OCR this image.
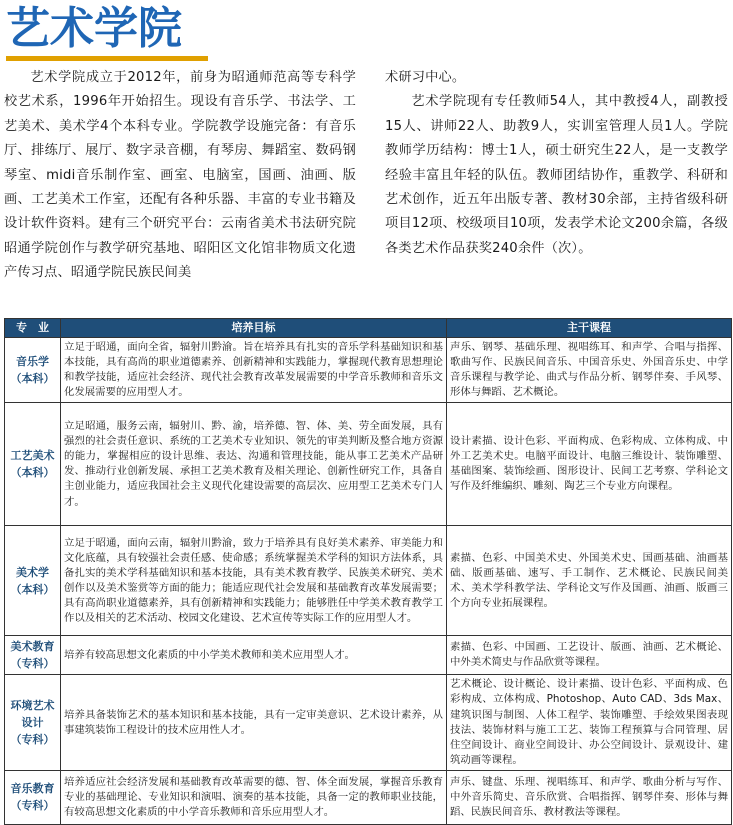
艺术学院

艺术学院成立于2012年，前身为昭通师范高等专科学校艺术系，1996年开始招生。现设有音乐学、书法学、工艺美术、美术学4个本科专业。学院教学设施完备：有音乐厅、排练厅、展厅、数字录音棚，有琴房、舞蹈室、数码钢琴室、midi音乐制作室、画室、电脑室，国画、油画、版画、工艺美术工作室，还配有各种乐器、丰富的专业书籍及设计软件资料。建有三个研究平台：云南省美术书法研究院昭通学院创作与教学研究基地、昭阳区文化馆非物质文化遗产传习点、昭通学院民族民间美

术研习中心。

艺术学院现有专任教师54人，其中教授4人，副教授15人、讲师22人、助教9人，实训室管理人员1人。学院教师学历结构：博士1人，硕士研究生22人，是一支教学经验丰富且年轻的队伍。教师团结协作，重教学、科研和艺术创作，近五年出版专著、教材30余部，主持省级科研项目12项、校级项目10项，发表学术论文200余篇，各级各类艺术作品获奖240余件（次）。

专　业	培养目标	主干课程

音乐学
（本科）	立足于昭通，面向全省，辐射川黔渝。旨在培养具有扎实的音乐学科基础知识和基本技能，具有高尚的职业道德素养、创新精神和实践能力，掌握现代教育思想理论和教学技能，适应社会经济、现代社会教育改革发展需要的中学音乐教师和音乐文化发展需要的应用型人才。	声乐、钢琴、基础乐理、视唱练耳、和声学、合唱与指挥、歌曲写作、民族民间音乐、中国音乐史、外国音乐史、中学音乐课程与教学论、曲式与作品分析、钢琴伴奏、手风琴、形体与舞蹈、艺术概论。

工艺美术
（本科）	立足昭通，服务云南，辐射川、黔、渝，培养德、智、体、美、劳全面发展，具有强烈的社会责任意识、系统的工艺美术专业知识、领先的审美判断及整合地方资源的能力，掌握相应的设计思维、表达、沟通和管理技能，能从事工艺美术产品研发、推动行业创新发展、承担工艺美术教育及相关理论、创新性研究工作，具备自主创业能力，适应我国社会主义现代化建设需要的高层次、应用型工艺美术专门人才。	设计素描、设计色彩、平面构成、色彩构成、立体构成、中外工艺美术史。电脑平面设计、电脑三维设计、装饰雕塑、基础图案、装饰绘画、图形设计、民间工艺考察、学科论文写作及纤维编织、雕刻、陶艺三个专业方向课程。

美术学
（本科）	立足于昭通，面向云南，辐射川黔渝，致力于培养具有良好美术素养、审美能力和文化底蕴，具有较强社会责任感、使命感；系统掌握美术学科的知识方法体系，具备扎实的美术学科基础知识和基本技能，具有美术教育教学、民族美术研究、美术创作以及美术鉴赏等方面的能力；能适应现代社会发展和基础教育改革发展需要；具有高尚职业道德素养，具有创新精神和实践能力；能够胜任中学美术教育教学工作以及相关的艺术活动、校园文化建设、艺术宣传等实际工作的应用型人才。	素描、色彩、中国美术史、外国美术史、国画基础、油画基础、版画基础、速写、手工制作、艺术概论、民族民间美术、美术学科教学法、学科论文写作及国画、油画、版画三个方向专业拓展课程。

美术教育
（专科）	培养有较高思想文化素质的中小学美术教师和美术应用型人才。	素描、色彩、中国画、工艺设计、版画、油画、艺术概论、中外美术简史与作品欣赏等课程。

环境艺术设计
（专科）	培养具备装饰艺术的基本知识和基本技能，具有一定审美意识、艺术设计素养，从事建筑装饰工程设计的技术应用性人才。	艺术概论、设计概论、设计素描、设计色彩、平面构成、色彩构成、立体构成、Photoshop、Auto CAD、3ds Max、建筑识图与制图、人体工程学、装饰雕塑、手绘效果图表现技法、装饰材料与施工工艺、装饰工程预算与合同管理、居住空间设计、商业空间设计、办公空间设计、景观设计、建筑动画等课程。

音乐教育
（专科）	培养适应社会经济发展和基础教育改革需要的德、智、体全面发展，掌握音乐教育专业的基础理论、专业知识和演唱、演奏的基本技能，具备一定的教师职业技能，有较高思想文化素质的中小学音乐教师和音乐应用型人才。	声乐、键盘、乐理、视唱练耳、和声学、歌曲分析与写作、中外音乐简史、音乐欣赏、合唱指挥、钢琴伴奏、形体与舞蹈、民族民间音乐、教材教法等课程。
